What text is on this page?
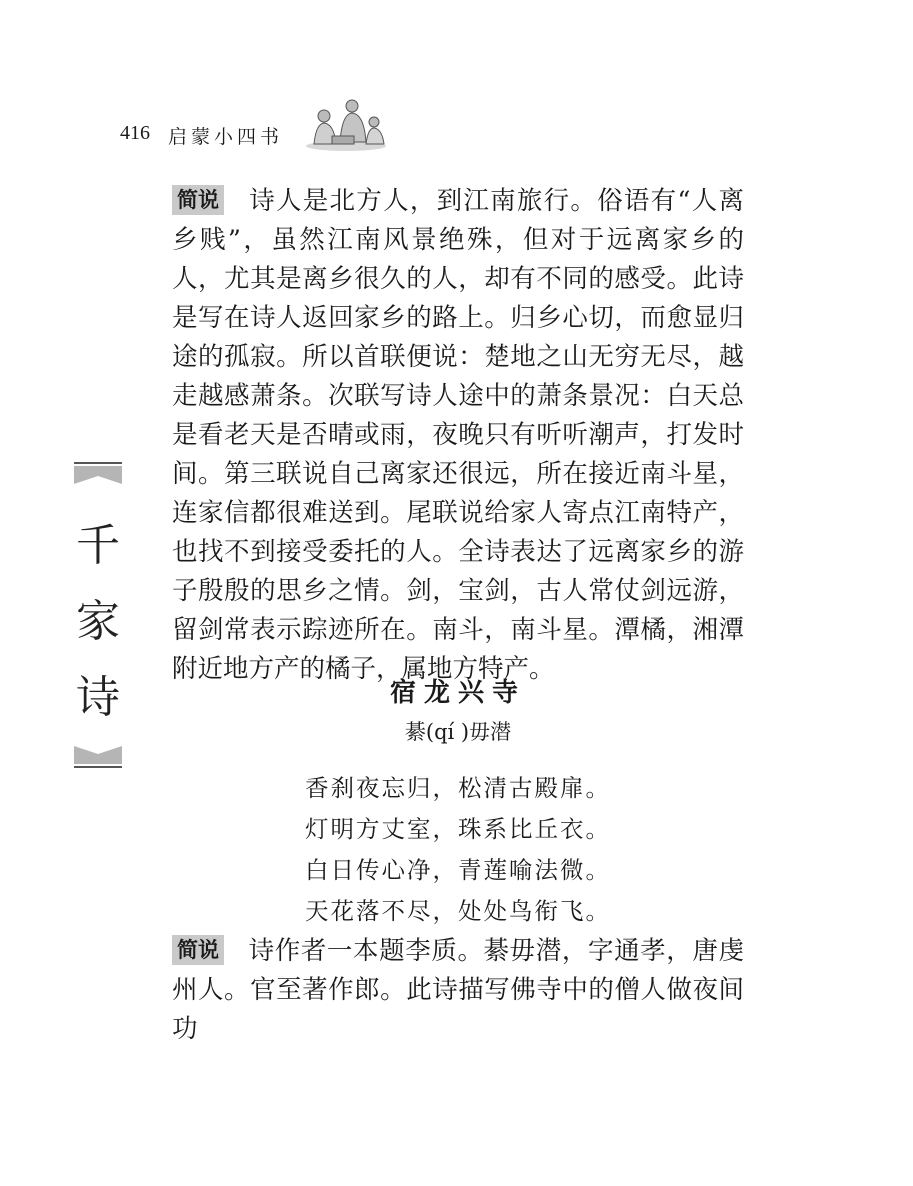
416 启蒙小四书
千
家
诗

简说 诗人是北方人，到江南旅行。俗语有“人离乡贱”，虽然江南风景绝殊，但对于远离家乡的人，尤其是离乡很久的人，却有不同的感受。此诗是写在诗人返回家乡的路上。归乡心切，而愈显归途的孤寂。所以首联便说：楚地之山无穷无尽，越走越感萧条。次联写诗人途中的萧条景况：白天总是看老天是否晴或雨，夜晚只有听听潮声，打发时间。第三联说自己离家还很远，所在接近南斗星，连家信都很难送到。尾联说给家人寄点江南特产，也找不到接受委托的人。全诗表达了远离家乡的游子殷殷的思乡之情。剑，宝剑，古人常仗剑远游，留剑常表示踪迹所在。南斗，南斗星。潭橘，湘潭附近地方产的橘子，属地方特产。

宿龙兴寺
綦(qí )毋潜
香刹夜忘归，松清古殿扉。
灯明方丈室，珠系比丘衣。
白日传心净，青莲喻法微。
天花落不尽，处处鸟衔飞。

简说 诗作者一本题李质。綦毋潜，字通孝，唐虔州人。官至著作郎。此诗描写佛寺中的僧人做夜间功
